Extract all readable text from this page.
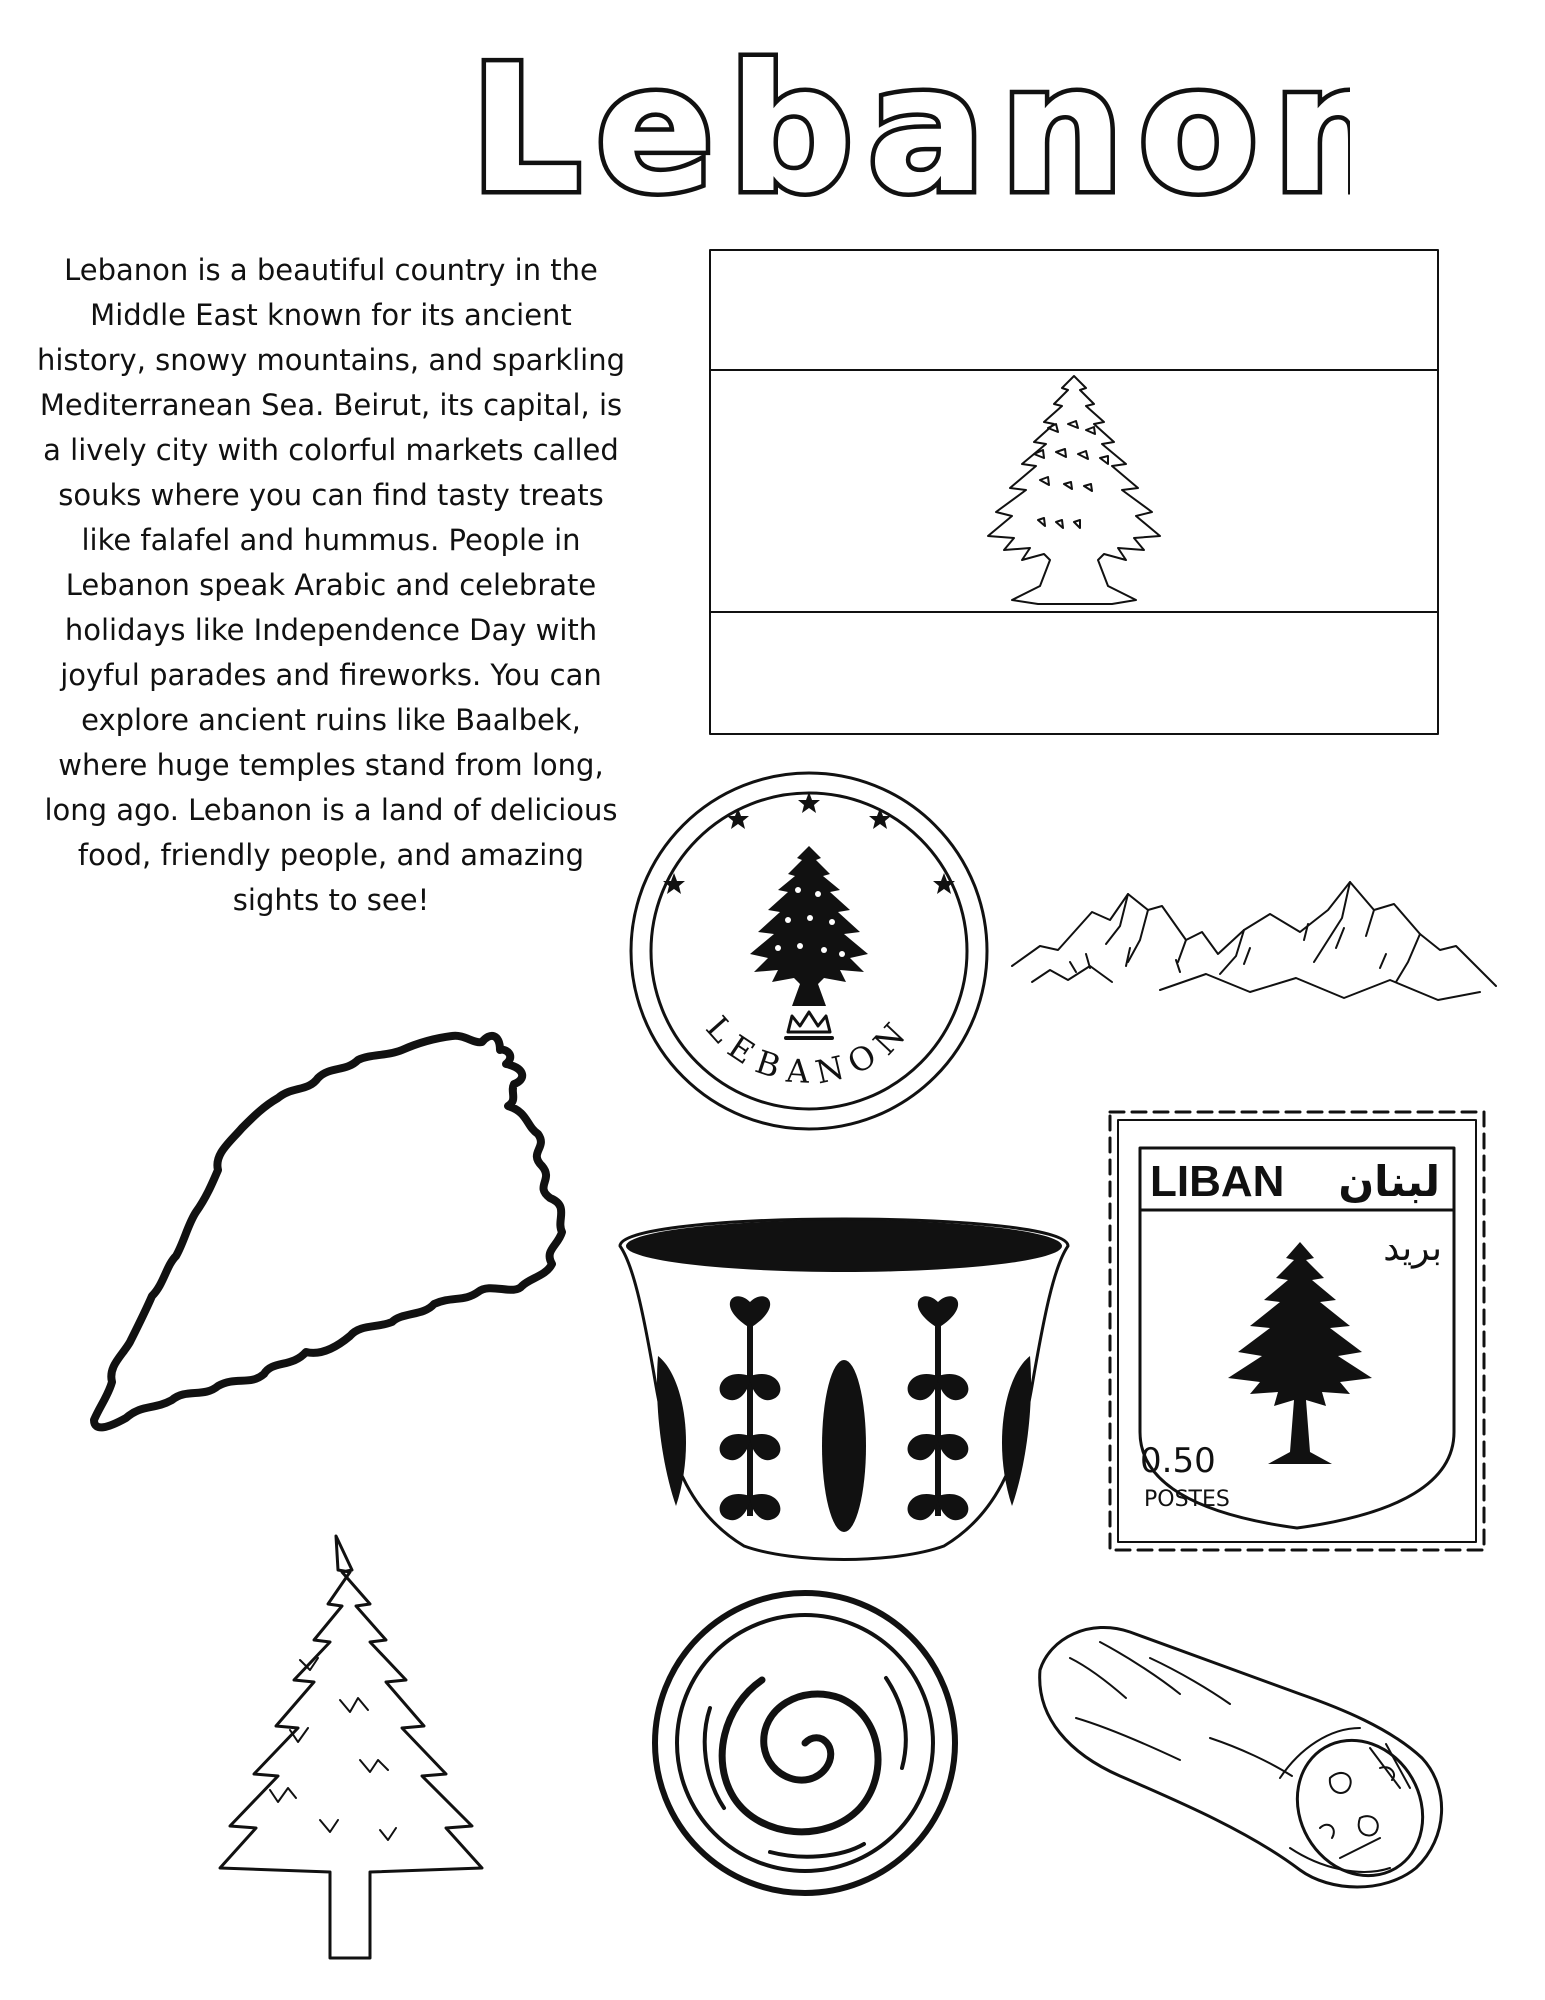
Lebanon

Lebanon is a beautiful country in the Middle East known for its ancient history, snowy mountains, and sparkling Mediterranean Sea. Beirut, its capital, is a lively city with colorful markets called souks where you can find tasty treats like falafel and hummus. People in Lebanon speak Arabic and celebrate holidays like Independence Day with joyful parades and fireworks. You can explore ancient ruins like Baalbek, where huge temples stand from long, long ago. Lebanon is a land of delicious food, friendly people, and amazing sights to see!

LEBANON
LIBAN لبنان
بريد
0.50
POSTES
